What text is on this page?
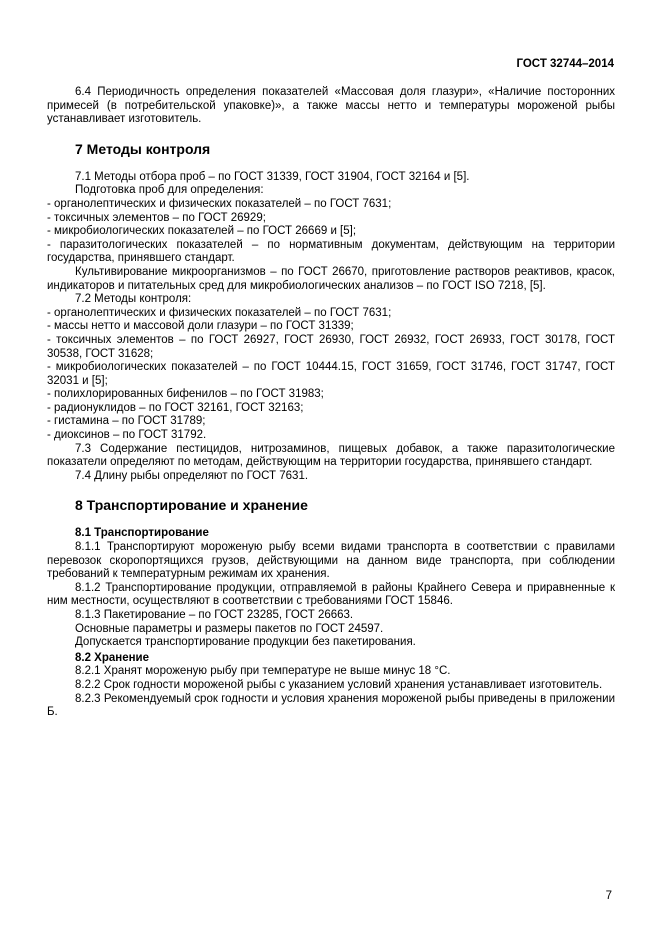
ГОСТ 32744–2014
6.4 Периодичность определения показателей «Массовая доля глазури», «Наличие посторонних примесей (в потребительской упаковке)», а также массы нетто и температуры мороженой рыбы устанавливает изготовитель.
7 Методы контроля
7.1 Методы отбора проб – по ГОСТ 31339, ГОСТ 31904, ГОСТ 32164 и [5].
Подготовка проб для определения:
- органолептических и физических показателей – по ГОСТ 7631;
- токсичных элементов – по ГОСТ 26929;
- микробиологических показателей – по ГОСТ 26669 и [5];
- паразитологических показателей – по нормативным документам, действующим на территории государства, принявшего стандарт.
Культивирование микроорганизмов – по ГОСТ 26670, приготовление растворов реактивов, красок, индикаторов и питательных сред для микробиологических анализов – по ГОСТ ISO 7218, [5].
7.2 Методы контроля:
- органолептических и физических показателей – по ГОСТ 7631;
- массы нетто и массовой доли глазури – по ГОСТ 31339;
- токсичных элементов – по ГОСТ 26927, ГОСТ 26930, ГОСТ 26932, ГОСТ 26933, ГОСТ 30178, ГОСТ 30538, ГОСТ 31628;
- микробиологических показателей – по ГОСТ 10444.15, ГОСТ 31659, ГОСТ 31746, ГОСТ 31747, ГОСТ 32031 и [5];
- полихлорированных бифенилов – по ГОСТ 31983;
- радионуклидов – по ГОСТ 32161, ГОСТ 32163;
- гистамина – по ГОСТ 31789;
- диоксинов – по ГОСТ 31792.
7.3 Содержание пестицидов, нитрозаминов, пищевых добавок, а также паразитологические показатели определяют по методам, действующим на территории государства, принявшего стандарт.
7.4 Длину рыбы определяют по ГОСТ 7631.
8 Транспортирование и хранение
8.1 Транспортирование
8.1.1 Транспортируют мороженую рыбу всеми видами транспорта в соответствии с правилами перевозок скоропортящихся грузов, действующими на данном виде транспорта, при соблюдении требований к температурным режимам их хранения.
8.1.2 Транспортирование продукции, отправляемой в районы Крайнего Севера и приравненные к ним местности, осуществляют в соответствии с требованиями ГОСТ 15846.
8.1.3 Пакетирование – по ГОСТ 23285, ГОСТ 26663.
Основные параметры и размеры пакетов по ГОСТ 24597.
Допускается транспортирование продукции без пакетирования.
8.2 Хранение
8.2.1 Хранят мороженую рыбу при температуре не выше минус 18 °С.
8.2.2 Срок годности мороженой рыбы с указанием условий хранения устанавливает изготовитель.
8.2.3 Рекомендуемый срок годности и условия хранения мороженой рыбы приведены в приложении Б.
7
